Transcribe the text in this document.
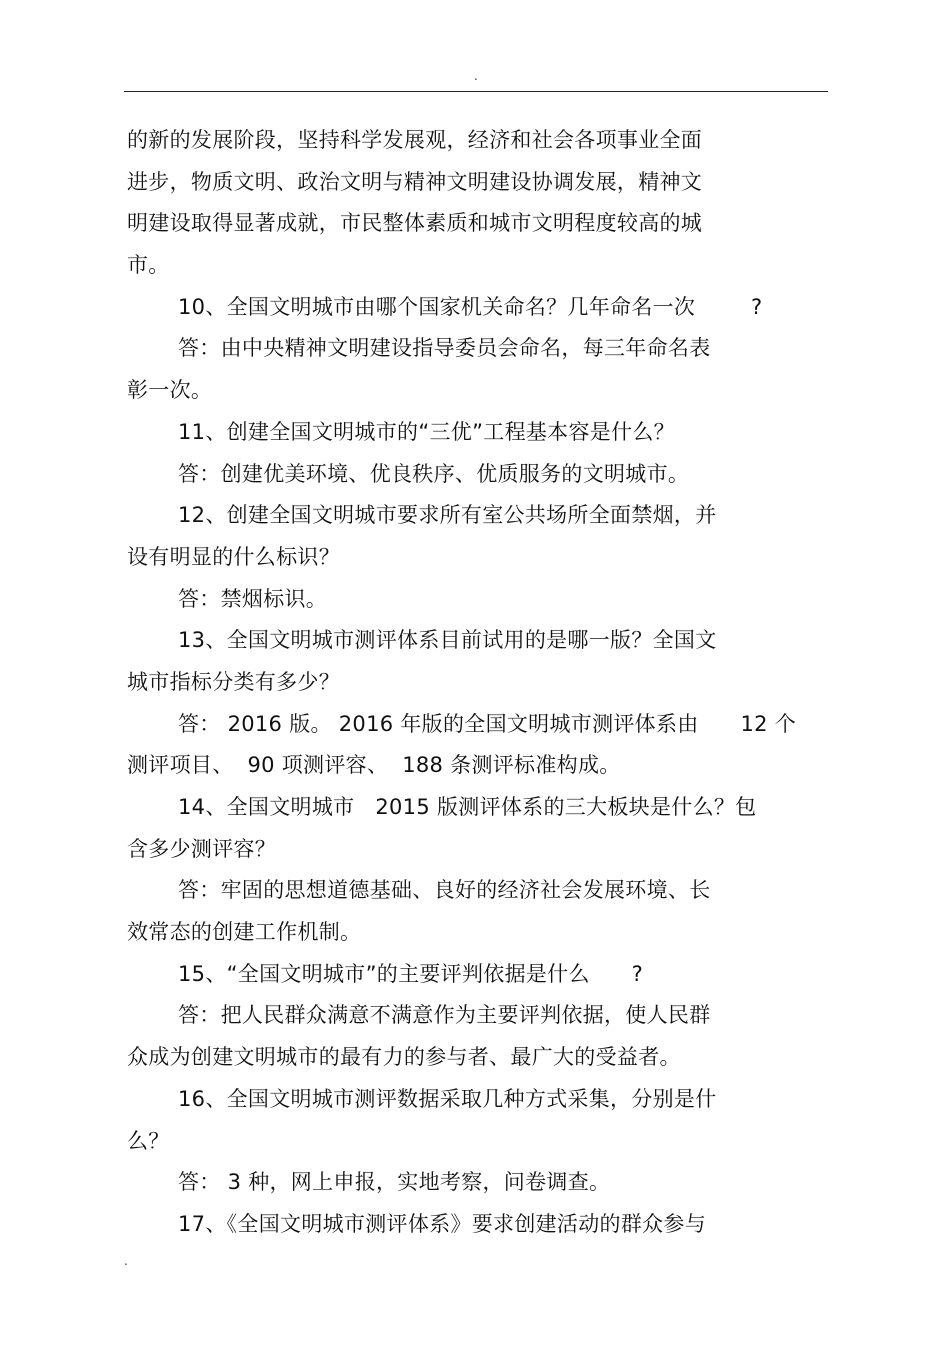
.
的新的发展阶段，坚持科学发展观，经济和社会各项事业全面
进步，物质文明、政治文明与精神文明建设协调发展，精神文
明建设取得显著成就，市民整体素质和城市文明程度较高的城
市。
10、全国文明城市由哪个国家机关命名？几年命名一次        ?
答：由中央精神文明建设指导委员会命名，每三年命名表
彰一次。
11、创建全国文明城市的“三优”工程基本容是什么？
答：创建优美环境、优良秩序、优质服务的文明城市。
12、创建全国文明城市要求所有室公共场所全面禁烟，并
设有明显的什么标识？
答：禁烟标识。
13、全国文明城市测评体系目前试用的是哪一版？全国文
城市指标分类有多少？
答： 2016 版。 2016 年版的全国文明城市测评体系由      12 个
测评项目、  90 项测评容、  188 条测评标准构成。
14、全国文明城市   2015 版测评体系的三大板块是什么？包
含多少测评容？
答：牢固的思想道德基础、良好的经济社会发展环境、长
效常态的创建工作机制。
15、“全国文明城市”的主要评判依据是什么      ?
答：把人民群众满意不满意作为主要评判依据，使人民群
众成为创建文明城市的最有力的参与者、最广大的受益者。
16、全国文明城市测评数据采取几种方式采集，分别是什
么？
答： 3 种，网上申报，实地考察，问卷调查。
17、《全国文明城市测评体系》要求创建活动的群众参与
.
